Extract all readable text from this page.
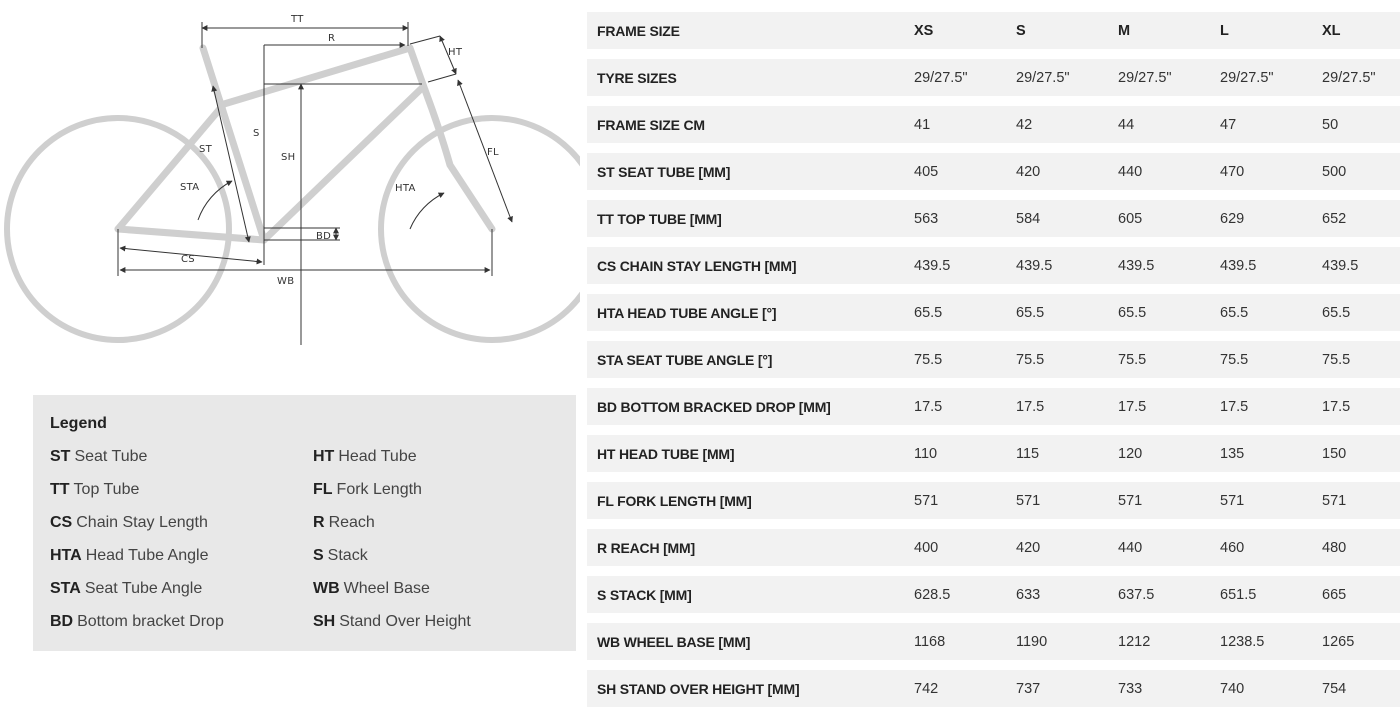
TT
R
HT
S
SH
ST
STA	HTA
FL
BD
CS
WB
Legend
ST Seat Tube
TT Top Tube
CS Chain Stay Length
HTA Head Tube Angle
STA Seat Tube Angle
BD Bottom bracket Drop
HT Head Tube
FL Fork Length
R Reach
S Stack
WB Wheel Base
SH Stand Over Height
FRAME SIZE	XS	S	M	L	XL

TYRE SIZES	29/27.5"	29/27.5"	29/27.5"	29/27.5"	29/27.5"

FRAME SIZE CM	41	42	44	47	50

ST SEAT TUBE [MM]	405	420	440	470	500

TT TOP TUBE [MM]	563	584	605	629	652

CS CHAIN STAY LENGTH [MM]	439.5	439.5	439.5	439.5	439.5

HTA HEAD TUBE ANGLE [°]	65.5	65.5	65.5	65.5	65.5

STA SEAT TUBE ANGLE [°]	75.5	75.5	75.5	75.5	75.5

BD BOTTOM BRACKED DROP [MM]	17.5	17.5	17.5	17.5	17.5

HT HEAD TUBE [MM]	110	115	120	135	150

FL FORK LENGTH [MM]	571	571	571	571	571

R REACH [MM]	400	420	440	460	480

S STACK [MM]	628.5	633	637.5	651.5	665

WB WHEEL BASE [MM]	1168	1190	1212	1238.5	1265

SH STAND OVER HEIGHT [MM]	742	737	733	740	754
